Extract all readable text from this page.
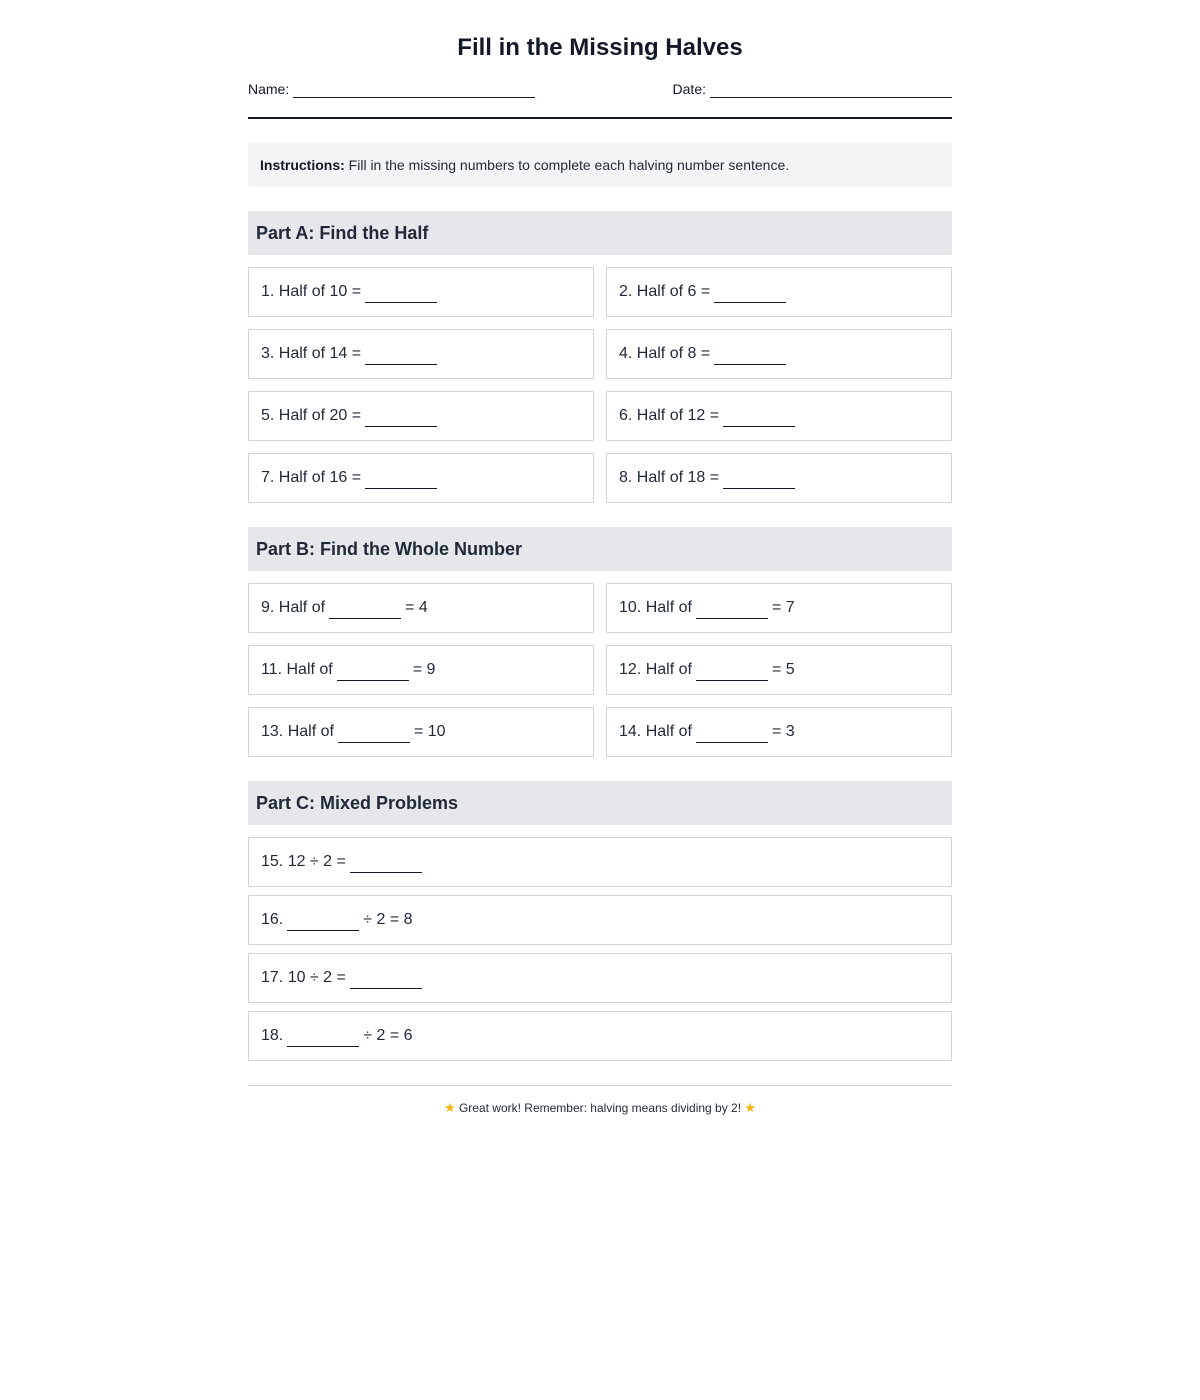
Fill in the Missing Halves
Name:	Date:
Instructions: Fill in the missing numbers to complete each halving number sentence.
Part A: Find the Half
1. Half of 10 =	2. Half of 6 =
3. Half of 14 =	4. Half of 8 =
5. Half of 20 =	6. Half of 12 =
7. Half of 16 =	8. Half of 18 =
Part B: Find the Whole Number
9. Half of	= 4	10. Half of	= 7
11. Half of	= 9	12. Half of	= 5
13. Half of	= 10	14. Half of	= 3
Part C: Mixed Problems
15. 12 ÷ 2 =
16.	÷ 2 = 8
17. 10 ÷ 2 =
18.	÷ 2 = 6
★ Great work! Remember: halving means dividing by 2! ★
